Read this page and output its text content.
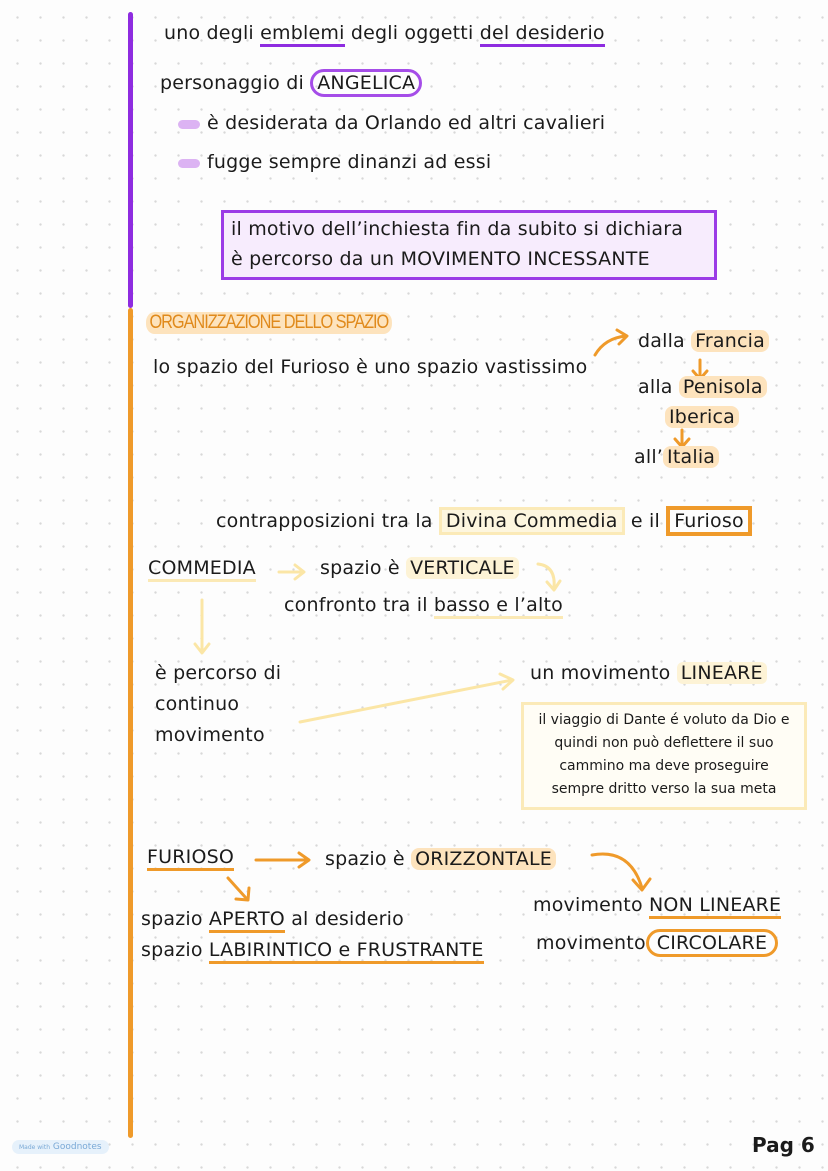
uno degli emblemi degli oggetti del desiderio
personaggio di ANGELICA
è desiderata da Orlando ed altri cavalieri
fugge sempre dinanzi ad essi
il motivo dell’inchiesta fin da subito si dichiara
è percorso da un MOVIMENTO INCESSANTE
ORGANIZZAZIONE DELLO SPAZIO
lo spazio del Furioso è uno spazio vastissimo
dalla Francia
alla Penisola
Iberica
all’ Italia
contrapposizioni tra la Divina Commedia e il Furioso
COMMEDIA	spazio è VERTICALE
confronto tra il basso e l’alto
è percorso di
continuo
movimento
un movimento LINEARE
il viaggio di Dante é voluto da Dio e
quindi non può deflettere il suo
cammino ma deve proseguire
sempre dritto verso la sua meta
FURIOSO	spazio è ORIZZONTALE
spazio APERTO al desiderio
spazio LABIRINTICO e FRUSTRANTE
movimento NON LINEARE
movimento CIRCOLARE
Made with Goodnotes	Pag 6
